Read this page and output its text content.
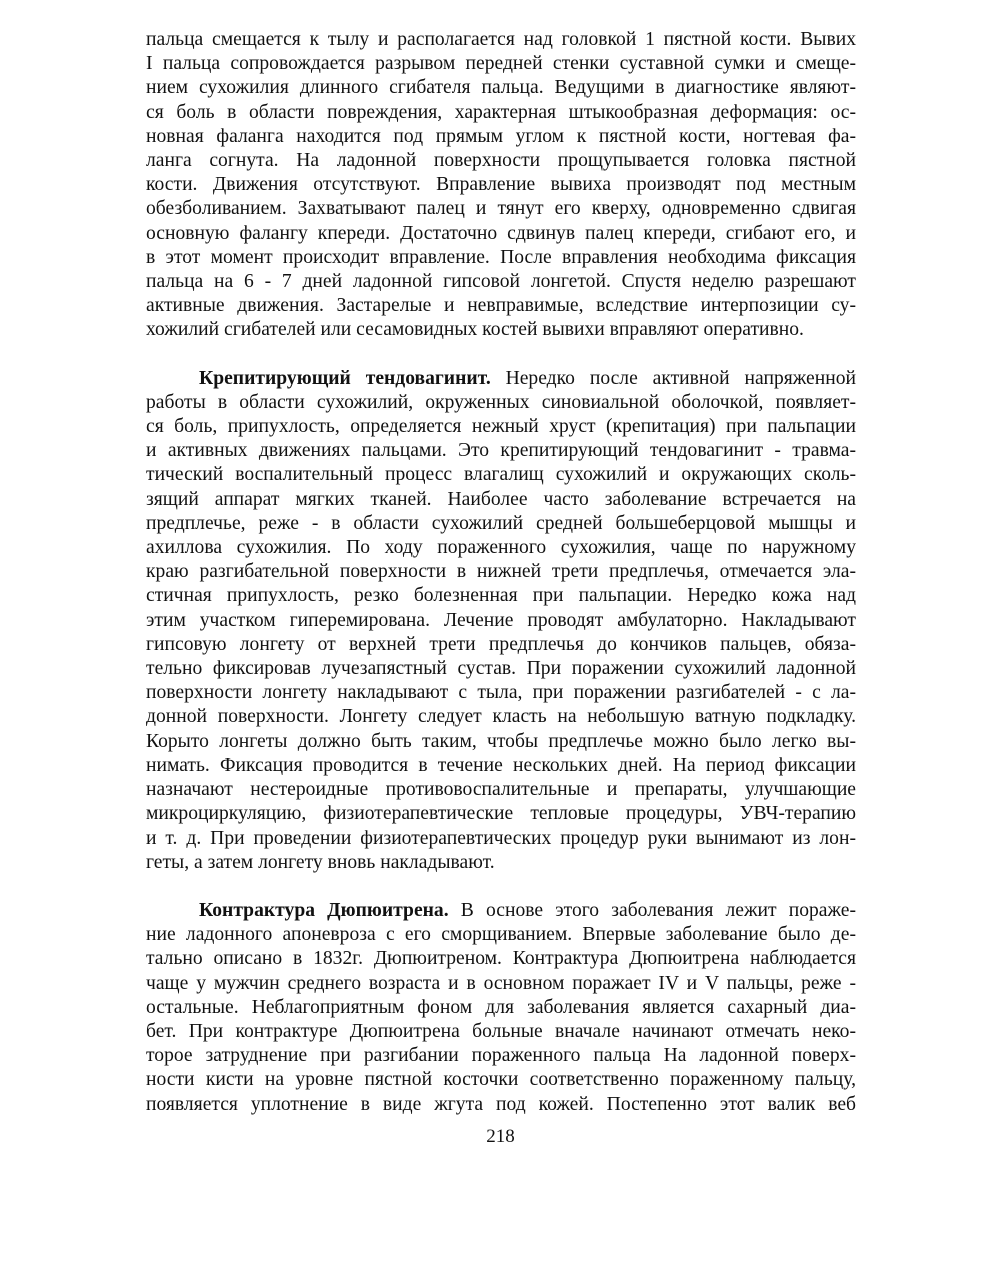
пальца смещается к тылу и располагается над головкой 1 пястной кости. Вывих
I пальца сопровождается разрывом передней стенки суставной сумки и смеще-
нием сухожилия длинного сгибателя пальца. Ведущими в диагностике являют-
ся боль в области повреждения, характерная штыкообразная деформация: ос-
новная фаланга находится под прямым углом к пястной кости, ногтевая фа-
ланга согнута. На ладонной поверхности прощупывается головка пястной
кости. Движения отсутствуют. Вправление вывиха производят под местным
обезболиванием. Захватывают палец и тянут его кверху, одновременно сдвигая
основную фалангу кпереди. Достаточно сдвинув палец кпереди, сгибают его, и
в этот момент происходит вправление. После вправления необходима фиксация
пальца на 6 - 7 дней ладонной гипсовой лонгетой. Спустя неделю разрешают
активные движения. Застарелые и невправимые, вследствие интерпозиции су-
хожилий сгибателей или сесамовидных костей вывихи вправляют оперативно.

Крепитирующий тендовагинит. Нередко после активной напряженной
работы в области сухожилий, окруженных синовиальной оболочкой, появляет-
ся боль, припухлость, определяется нежный хруст (крепитация) при пальпации
и активных движениях пальцами. Это крепитирующий тендовагинит - травма-
тический воспалительный процесс влагалищ сухожилий и окружающих сколь-
зящий аппарат мягких тканей. Наиболее часто заболевание встречается на
предплечье, реже - в области сухожилий средней большеберцовой мышцы и
ахиллова сухожилия. По ходу пораженного сухожилия, чаще по наружному
краю разгибательной поверхности в нижней трети предплечья, отмечается эла-
стичная припухлость, резко болезненная при пальпации. Нередко кожа над
этим участком гиперемирована. Лечение проводят амбулаторно. Накладывают
гипсовую лонгету от верхней трети предплечья до кончиков пальцев, обяза-
тельно фиксировав лучезапястный сустав. При поражении сухожилий ладонной
поверхности лонгету накладывают с тыла, при поражении разгибателей - с ла-
донной поверхности. Лонгету следует класть на небольшую ватную подкладку.
Корыто лонгеты должно быть таким, чтобы предплечье можно было легко вы-
нимать. Фиксация проводится в течение нескольких дней. На период фиксации
назначают нестероидные противовоспалительные и препараты, улучшающие
микроциркуляцию, физиотерапевтические тепловые процедуры, УВЧ-терапию
и т. д. При проведении физиотерапевтических процедур руки вынимают из лон-
геты, а затем лонгету вновь накладывают.

Контрактура Дюпюитрена. В основе этого заболевания лежит пораже-
ние ладонного апоневроза с его сморщиванием. Впервые заболевание было де-
тально описано в 1832г. Дюпюитреном. Контрактура Дюпюитрена наблюдается
чаще у мужчин среднего возраста и в основном поражает IV и V пальцы, реже -
остальные. Неблагоприятным фоном для заболевания является сахарный диа-
бет. При контрактуре Дюпюитрена больные вначале начинают отмечать неко-
торое затруднение при разгибании пораженного пальца На ладонной поверх-
ности кисти на уровне пястной косточки соответственно пораженному пальцу,
появляется уплотнение в виде жгута под кожей. Постепенно этот валик веб

218
